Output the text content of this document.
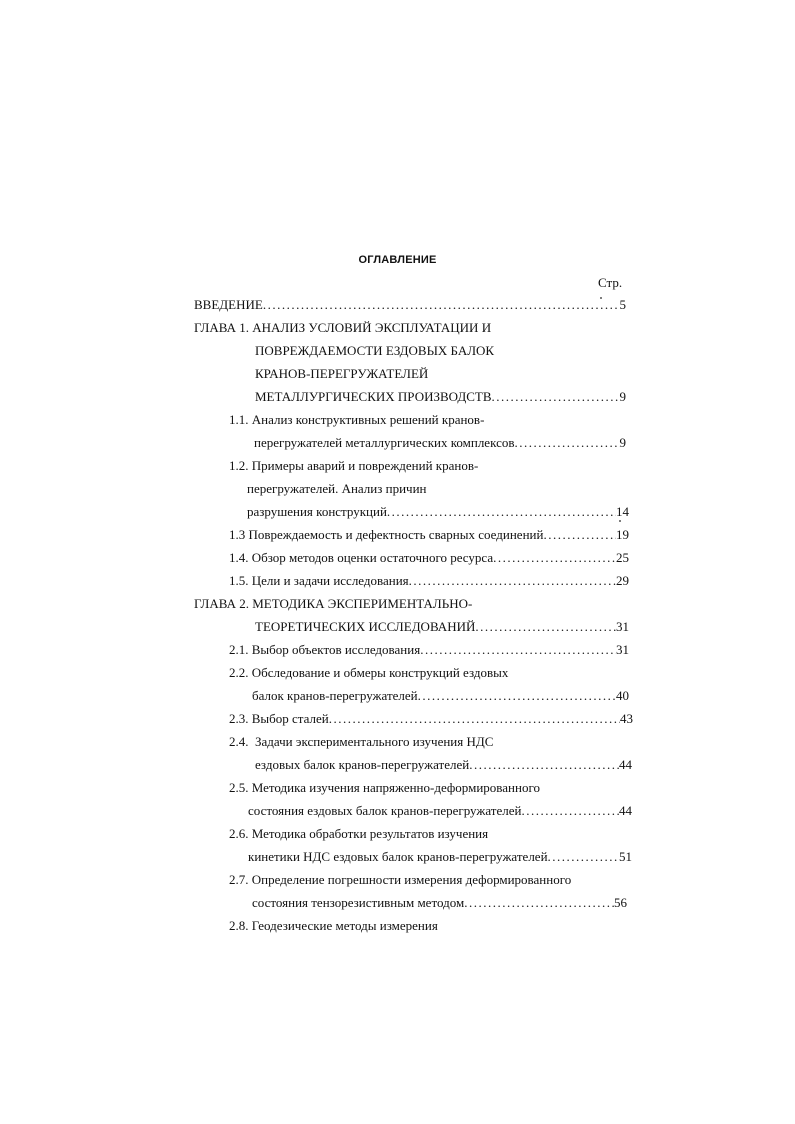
ОГЛАВЛЕНИЕ
Стр.
ВВЕДЕНИЕ .....	5
ГЛАВА 1. АНАЛИЗ УСЛОВИЙ ЭКСПЛУАТАЦИИ И
ПОВРЕЖДАЕМОСТИ ЕЗДОВЫХ БАЛОК
КРАНОВ-ПЕРЕГРУЖАТЕЛЕЙ
МЕТАЛЛУРГИЧЕСКИХ ПРОИЗВОДСТВ .....	9
1.1. Анализ конструктивных решений кранов-
перегружателей металлургических комплексов .....	9
1.2. Примеры аварий и повреждений кранов-
перегружателей. Анализ причин
разрушения конструкций .....	14
1.3 Повреждаемость и дефектность сварных соединений .....	19
1.4. Обзор методов оценки остаточного ресурса .....	25
1.5. Цели и задачи исследования .....	29
ГЛАВА 2. МЕТОДИКА ЭКСПЕРИМЕНТАЛЬНО-
ТЕОРЕТИЧЕСКИХ ИССЛЕДОВАНИЙ .....	31
2.1. Выбор объектов исследования .....	31
2.2. Обследование и обмеры конструкций ездовых
балок кранов-перегружателей .....	40
2.3. Выбор сталей .....	43
2.4.  Задачи экспериментального изучения НДС
ездовых балок кранов-перегружателей .....	44
2.5. Методика изучения напряженно-деформированного
состояния ездовых балок кранов-перегружателей .....	44
2.6. Методика обработки результатов изучения
кинетики НДС ездовых балок кранов-перегружателей .....	51
2.7. Определение погрешности измерения деформированного
состояния тензорезистивным методом .....	56
2.8. Геодезические методы измерения
